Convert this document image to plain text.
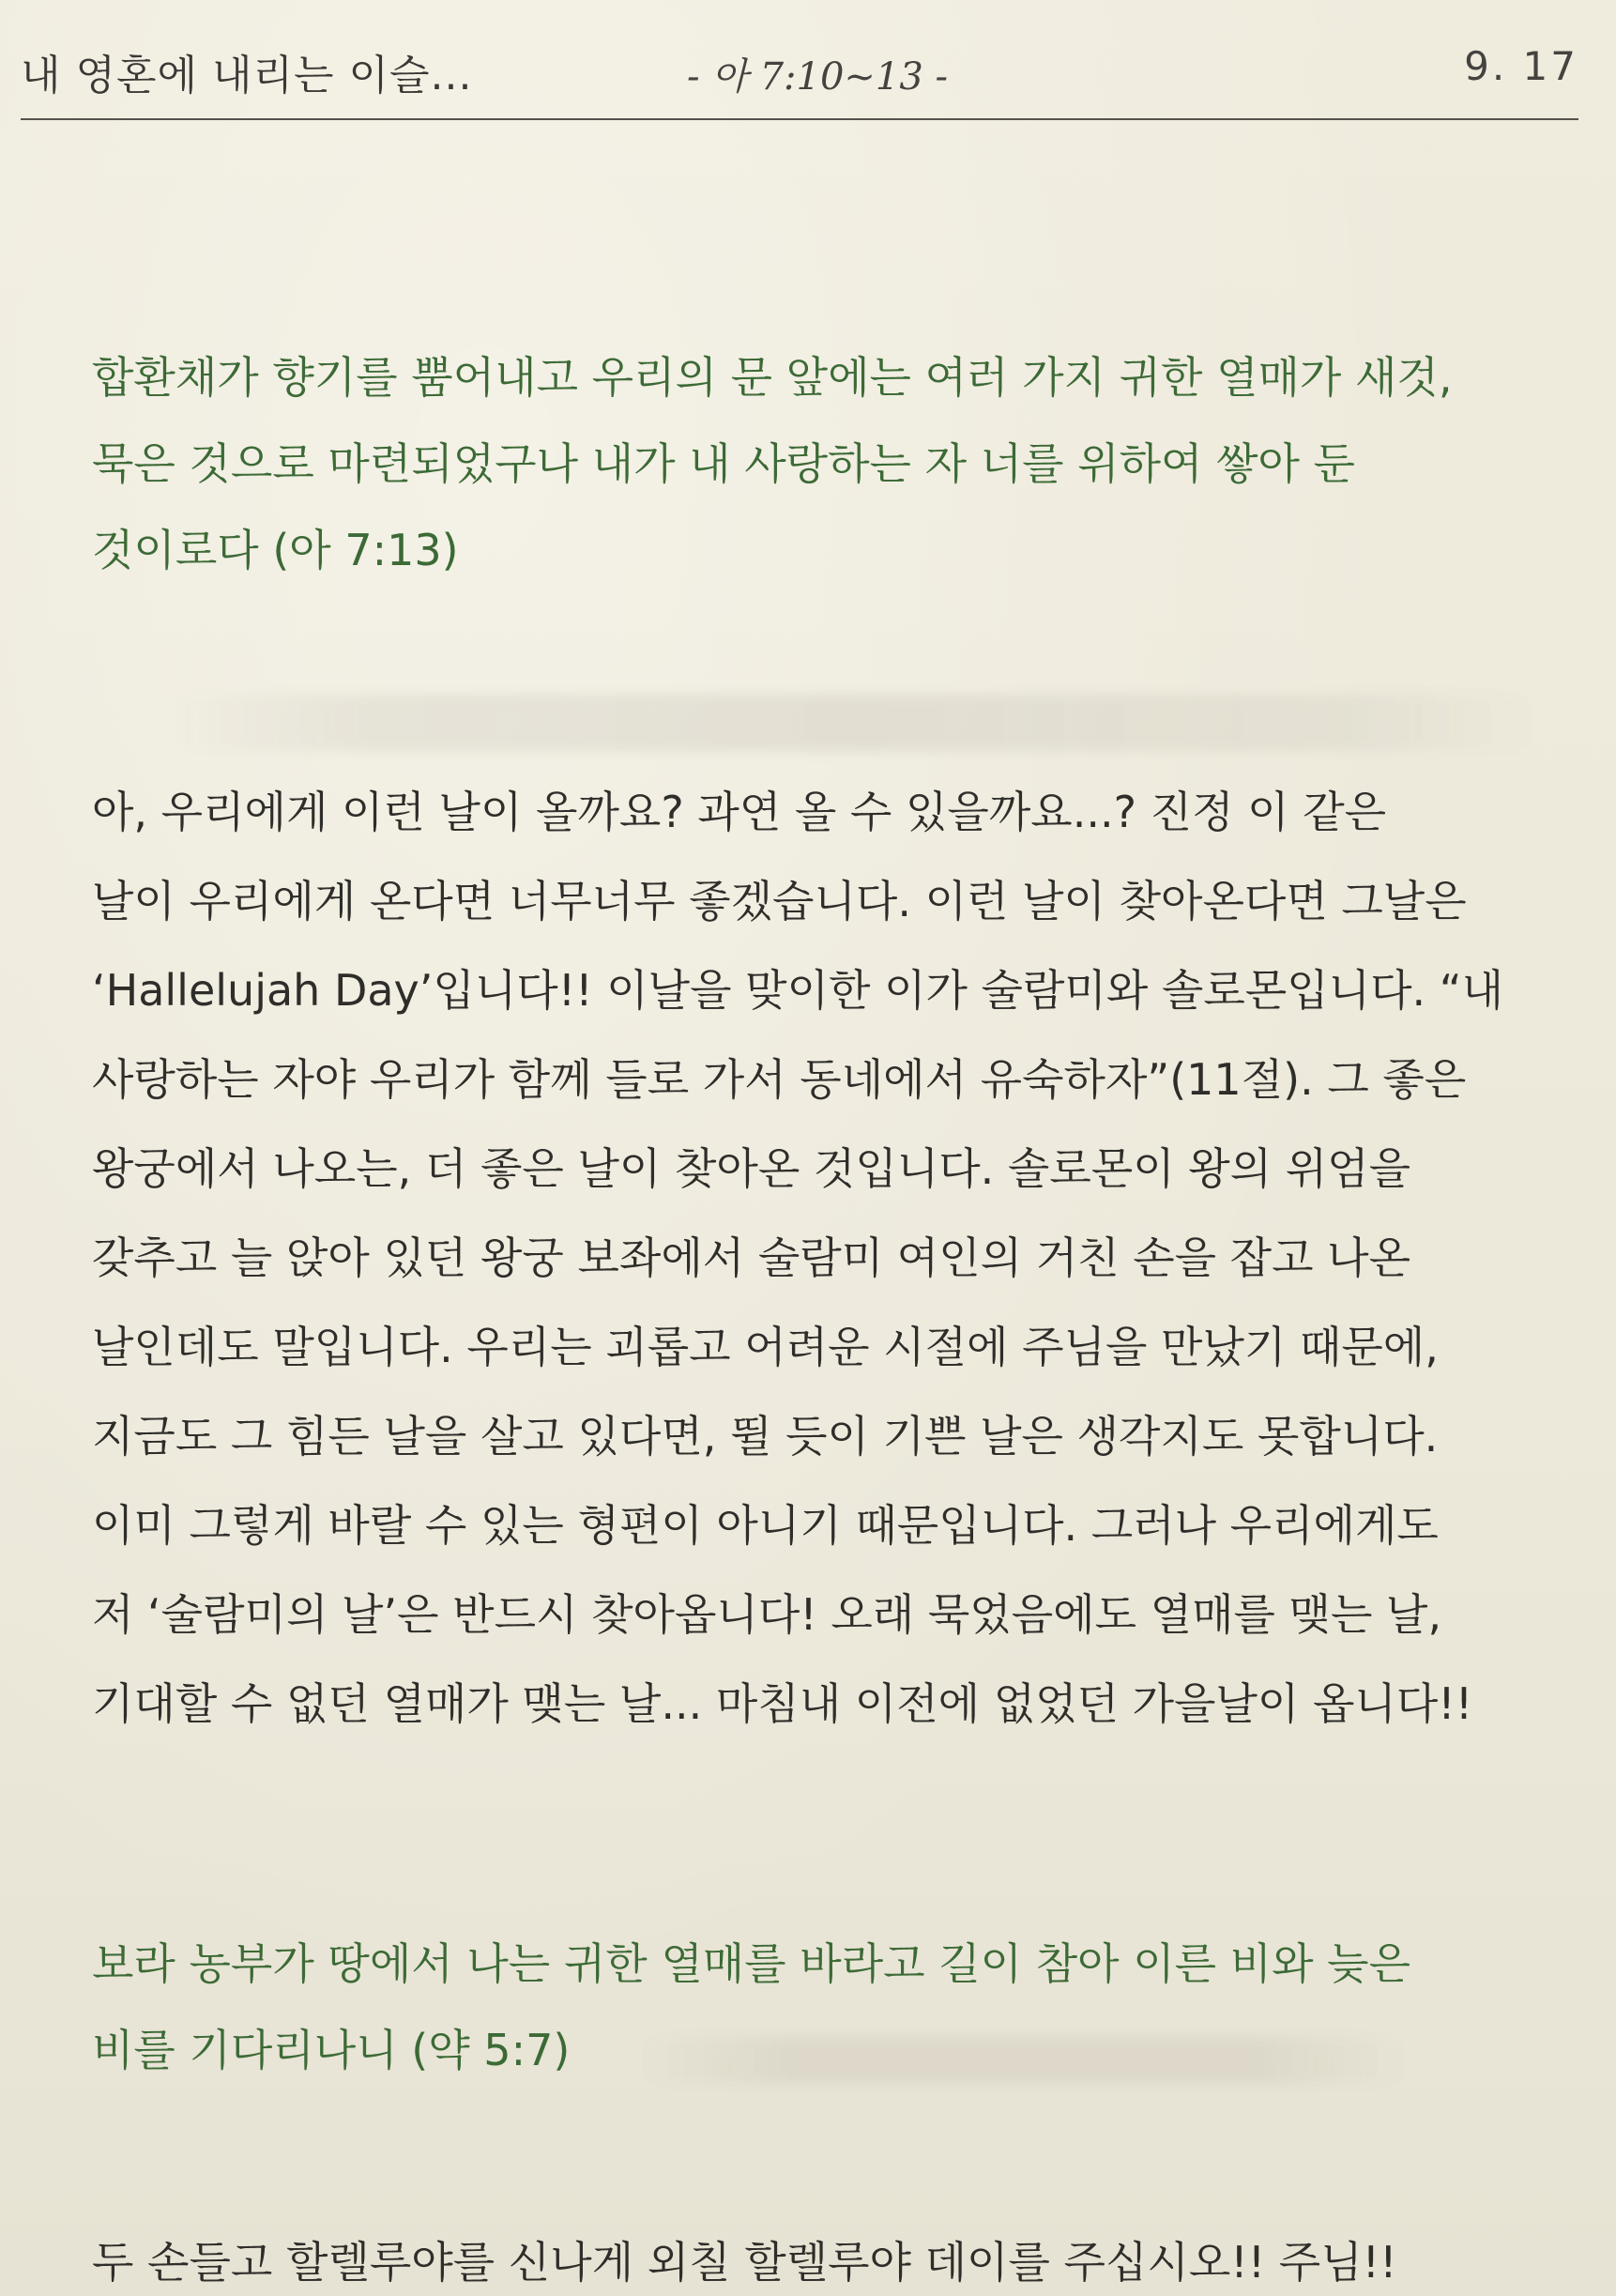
내 영혼에 내리는 이슬...	- 아 7:10~13 -	9. 17
합환채가 향기를 뿜어내고 우리의 문 앞에는 여러 가지 귀한 열매가 새것,
묵은 것으로 마련되었구나 내가 내 사랑하는 자 너를 위하여 쌓아 둔
것이로다 (아 7:13)
아, 우리에게 이런 날이 올까요? 과연 올 수 있을까요...? 진정 이 같은
날이 우리에게 온다면 너무너무 좋겠습니다. 이런 날이 찾아온다면 그날은
‘Hallelujah Day’입니다!! 이날을 맞이한 이가 술람미와 솔로몬입니다. “내
사랑하는 자야 우리가 함께 들로 가서 동네에서 유숙하자”(11절). 그 좋은
왕궁에서 나오는, 더 좋은 날이 찾아온 것입니다. 솔로몬이 왕의 위엄을
갖추고 늘 앉아 있던 왕궁 보좌에서 술람미 여인의 거친 손을 잡고 나온
날인데도 말입니다. 우리는 괴롭고 어려운 시절에 주님을 만났기 때문에,
지금도 그 힘든 날을 살고 있다면, 뛸 듯이 기쁜 날은 생각지도 못합니다.
이미 그렇게 바랄 수 있는 형편이 아니기 때문입니다. 그러나 우리에게도
저 ‘술람미의 날’은 반드시 찾아옵니다! 오래 묵었음에도 열매를 맺는 날,
기대할 수 없던 열매가 맺는 날... 마침내 이전에 없었던 가을날이 옵니다!!
보라 농부가 땅에서 나는 귀한 열매를 바라고 길이 참아 이른 비와 늦은
비를 기다리나니 (약 5:7)
두 손들고 할렐루야를 신나게 외칠 할렐루야 데이를 주십시오!! 주님!!
